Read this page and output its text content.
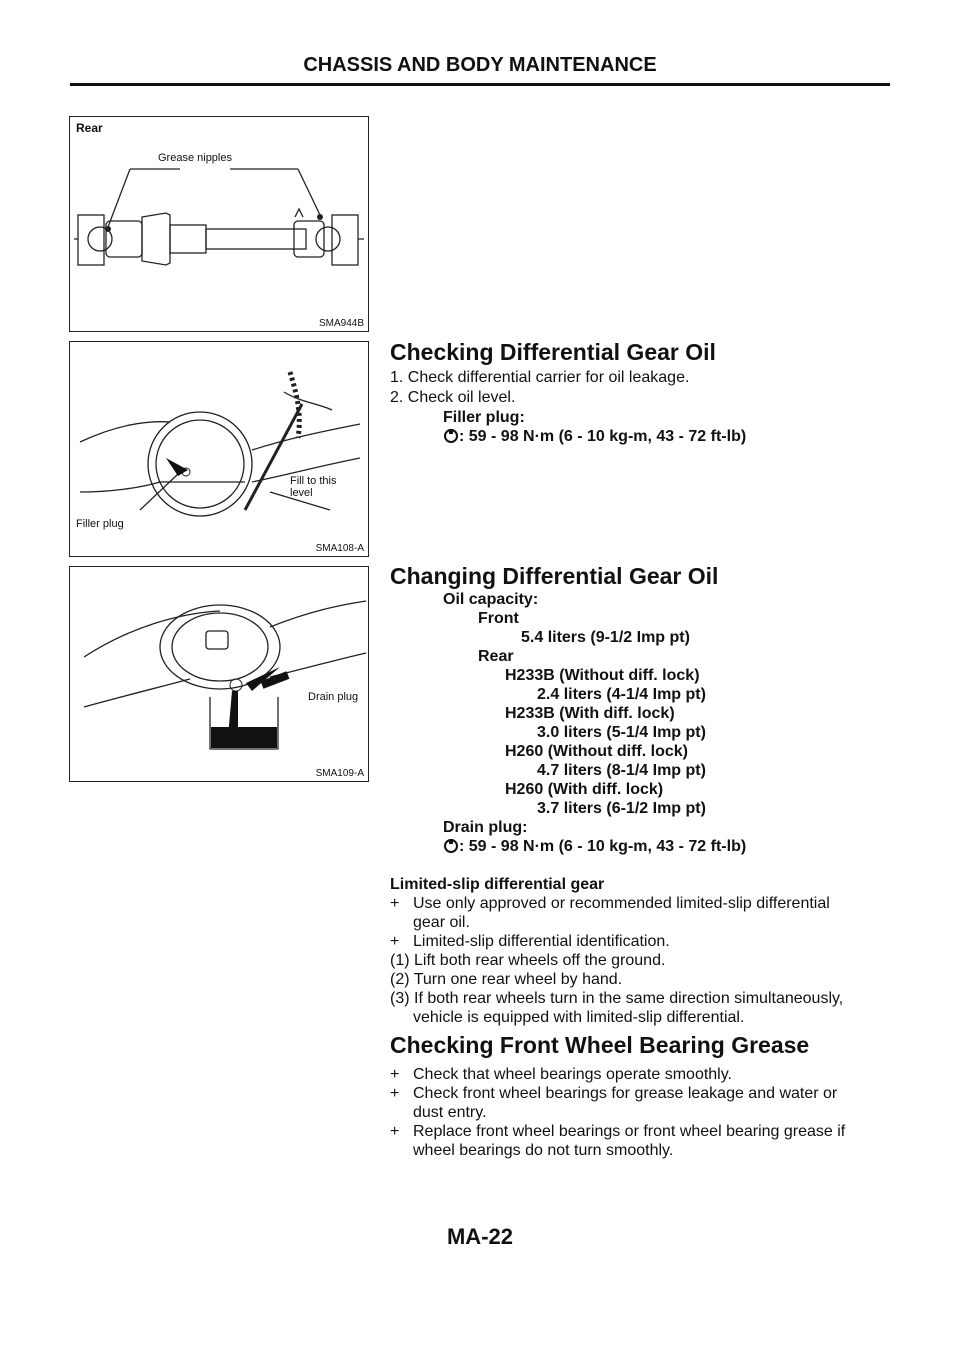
CHASSIS AND BODY MAINTENANCE
Rear
Grease nipples
SMA944B
Fill to this
level
Filler plug
SMA108-A
Drain plug
SMA109-A
Checking Differential Gear Oil
1. Check differential carrier for oil leakage.
2. Check oil level.
Filler plug:
: 59 - 98 N·m (6 - 10 kg-m, 43 - 72 ft-lb)
Changing Differential Gear Oil
Oil capacity:
Front
5.4 liters (9-1/2 Imp pt)
Rear
H233B (Without diff. lock)
2.4 liters (4-1/4 Imp pt)
H233B (With diff. lock)
3.0 liters (5-1/4 Imp pt)
H260 (Without diff. lock)
4.7 liters (8-1/4 Imp pt)
H260 (With diff. lock)
3.7 liters (6-1/2 Imp pt)
Drain plug:
: 59 - 98 N·m (6 - 10 kg-m, 43 - 72 ft-lb)
Limited-slip differential gear
+ Use only approved or recommended limited-slip differential
gear oil.
+ Limited-slip differential identification.
(1) Lift both rear wheels off the ground.
(2) Turn one rear wheel by hand.
(3) If both rear wheels turn in the same direction simultaneously,
vehicle is equipped with limited-slip differential.
Checking Front Wheel Bearing Grease
+ Check that wheel bearings operate smoothly.
+ Check front wheel bearings for grease leakage and water or
dust entry.
+ Replace front wheel bearings or front wheel bearing grease if
wheel bearings do not turn smoothly.
MA-22
